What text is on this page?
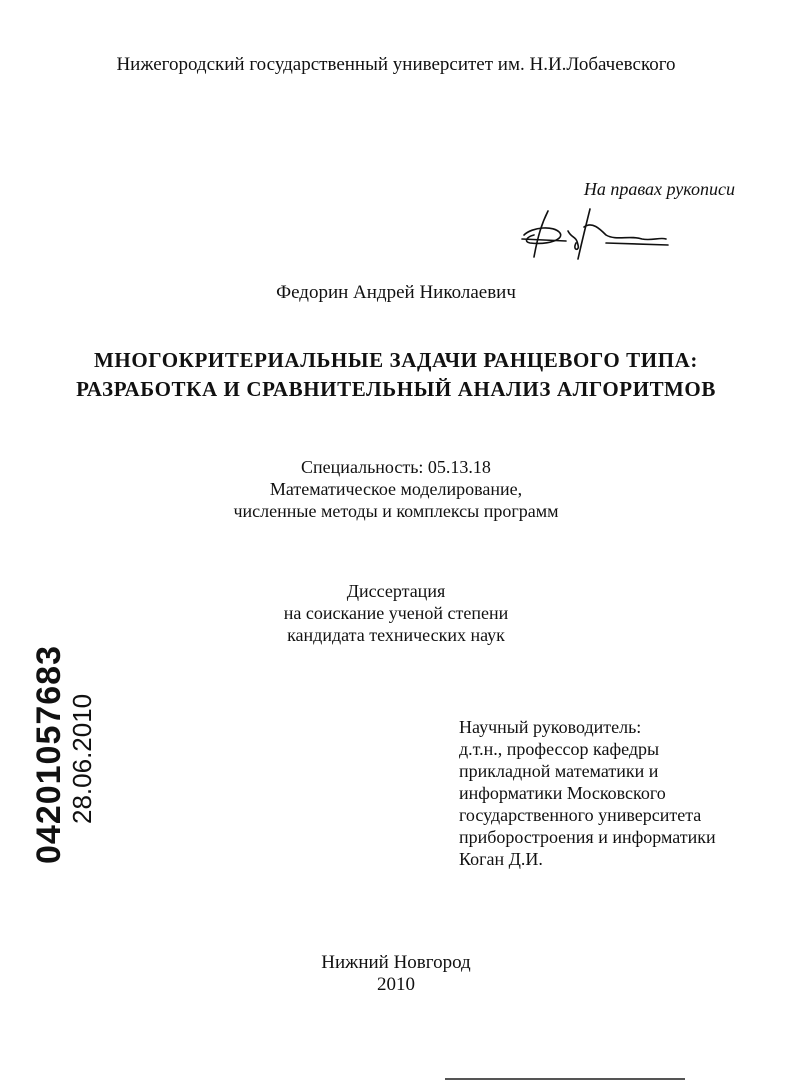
Нижегородский государственный университет им. Н.И.Лобачевского
На правах рукописи
Федорин Андрей Николаевич
МНОГОКРИТЕРИАЛЬНЫЕ ЗАДАЧИ РАНЦЕВОГО ТИПА:
РАЗРАБОТКА И СРАВНИТЕЛЬНЫЙ АНАЛИЗ АЛГОРИТМОВ
Специальность: 05.13.18
Математическое моделирование,
численные методы и комплексы программ
Диссертация
на соискание ученой степени
кандидата технических наук
Научный руководитель:
д.т.н., профессор кафедры
прикладной математики и
информатики Московского
государственного университета
приборостроения и информатики
Коган Д.И.
Нижний Новгород
2010
04201057683 28.06.2010
